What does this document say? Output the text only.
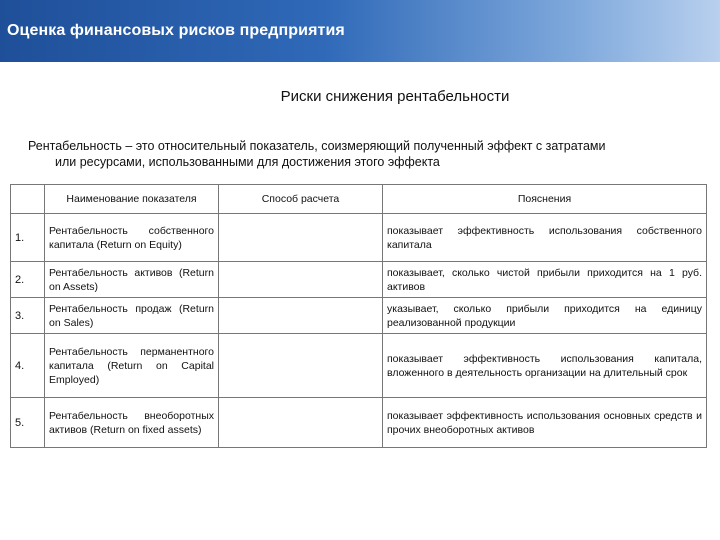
Оценка финансовых рисков предприятия
Риски снижения рентабельности
Рентабельность – это относительный показатель, соизмеряющий полученный эффект с затратами
или ресурсами, использованными для достижения этого эффекта
	Наименование показателя	Способ расчета	Пояснения
1.	Рентабельность собственного капитала (Return on Equity)		показывает эффективность использования собственного капитала
2.	Рентабельность активов (Return on Assets)		показывает, сколько чистой прибыли приходится на 1 руб. активов
3.	Рентабельность продаж (Return on Sales)		указывает, сколько прибыли приходится на единицу реализованной продукции
4.	Рентабельность перманентного капитала (Return on Capital Employed)		показывает эффективность использования капитала, вложенного в деятельность организации на длительный срок
5.	Рентабельность внеоборотных активов (Return on fixed assets)		показывает эффективность использования основных средств и прочих внеоборотных активов
